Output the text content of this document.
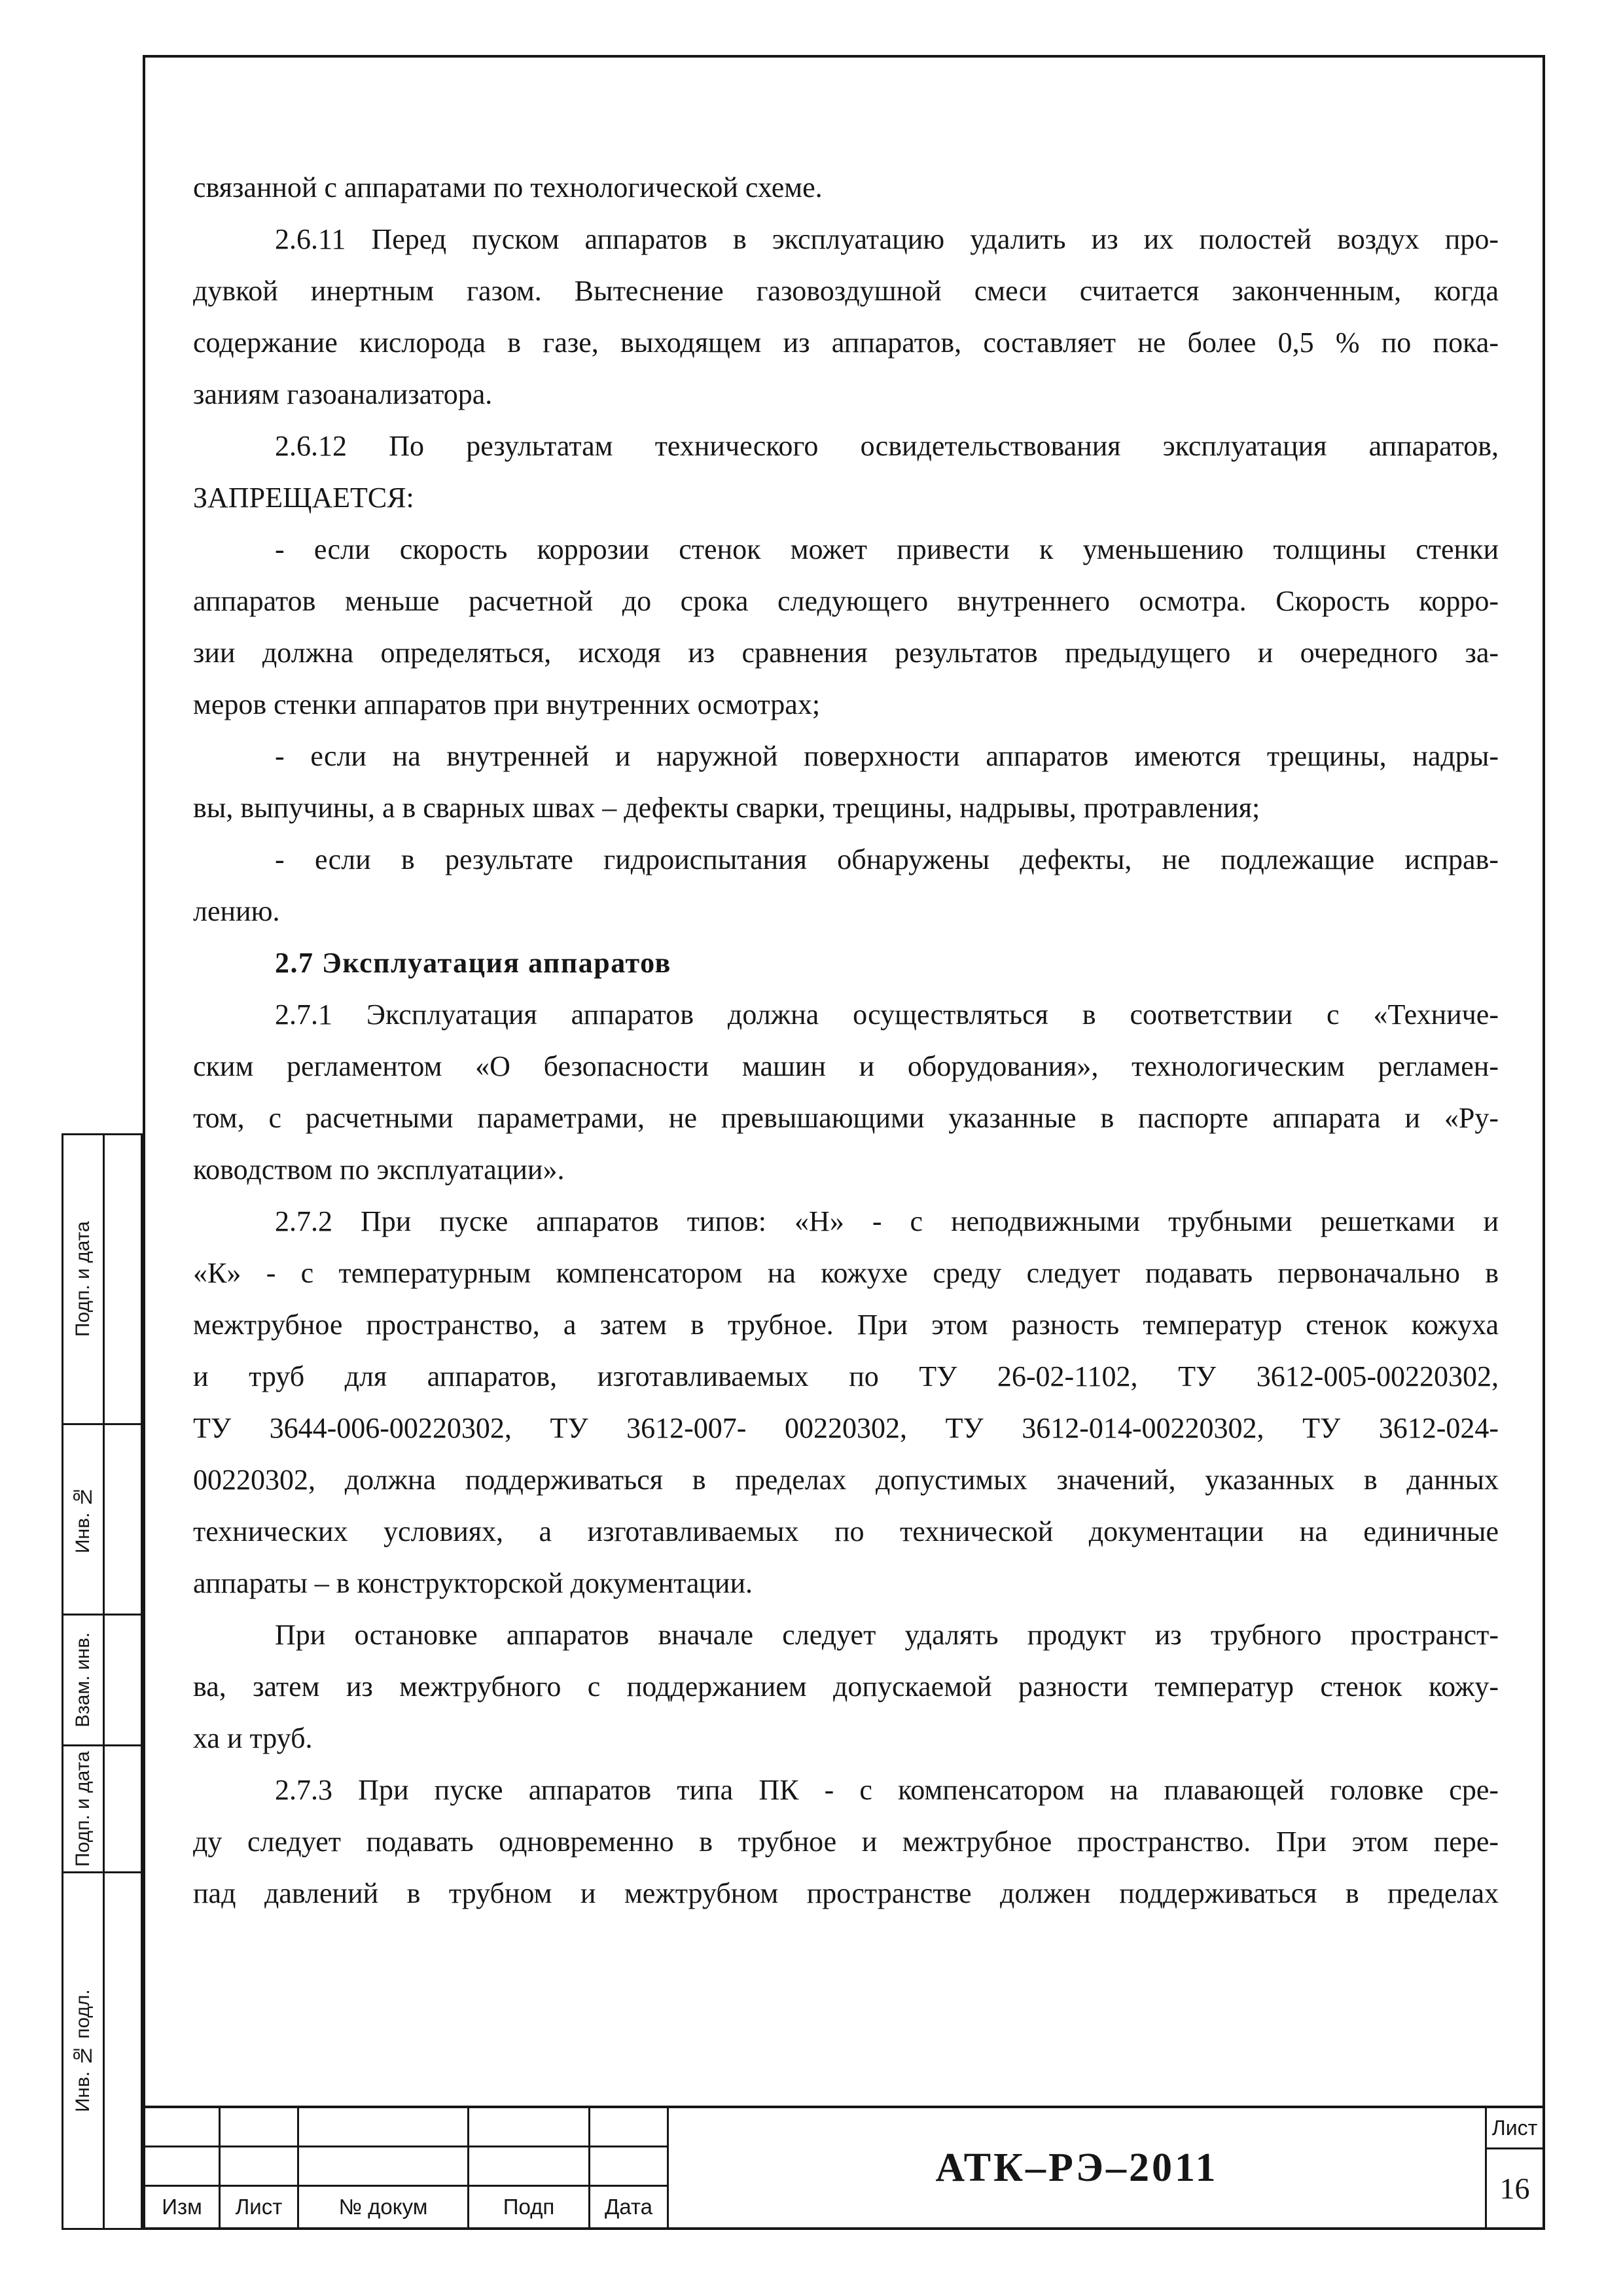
связанной с аппаратами по технологической схеме.
2.6.11 Перед пуском аппаратов в эксплуатацию удалить из их полостей воздух про-
дувкой инертным газом. Вытеснение газовоздушной смеси считается законченным, когда
содержание кислорода в газе, выходящем из аппаратов, составляет не более 0,5 % по пока-
заниям газоанализатора.
2.6.12 По результатам технического освидетельствования эксплуатация аппаратов,
ЗАПРЕЩАЕТСЯ:
- если скорость коррозии стенок может привести к уменьшению толщины стенки
аппаратов меньше расчетной до срока следующего внутреннего осмотра. Скорость корро-
зии должна определяться, исходя из сравнения результатов предыдущего и очередного за-
меров стенки аппаратов при внутренних осмотрах;
- если на внутренней и наружной поверхности аппаратов имеются трещины, надры-
вы, выпучины, а в сварных швах – дефекты сварки, трещины, надрывы, протравления;
- если в результате гидроиспытания обнаружены дефекты, не подлежащие исправ-
лению.
2.7 Эксплуатация аппаратов
2.7.1 Эксплуатация аппаратов должна осуществляться в соответствии с «Техниче-
ским регламентом «О безопасности машин и оборудования», технологическим регламен-
том, с расчетными параметрами, не превышающими указанные в паспорте аппарата и «Ру-
ководством по эксплуатации».
2.7.2 При пуске аппаратов типов: «Н» - с неподвижными трубными решетками и
«К» - с температурным компенсатором на кожухе среду следует подавать первоначально в
межтрубное пространство, а затем в трубное. При этом разность температур стенок кожуха
и труб для аппаратов, изготавливаемых по ТУ 26-02-1102, ТУ 3612-005-00220302,
ТУ 3644-006-00220302, ТУ 3612-007- 00220302, ТУ 3612-014-00220302, ТУ 3612-024-
00220302, должна поддерживаться в пределах допустимых значений, указанных в данных
технических условиях, а изготавливаемых по технической документации на единичные
аппараты – в конструкторской документации.
При остановке аппаратов вначале следует удалять продукт из трубного пространст-
ва, затем из межтрубного с поддержанием допускаемой разности температур стенок кожу-
ха и труб.
2.7.3 При пуске аппаратов типа ПК - с компенсатором на плавающей головке сре-
ду следует подавать одновременно в трубное и межтрубное пространство. При этом пере-
пад давлений в трубном и межтрубном пространстве должен поддерживаться в пределах
Подп. и дата
Инв. №
Взам. инв.
Подп. и дата
Инв. № подл.
Изм	Лист	№ докум	Подп	Дата
АТК–РЭ–2011
Лист
16
